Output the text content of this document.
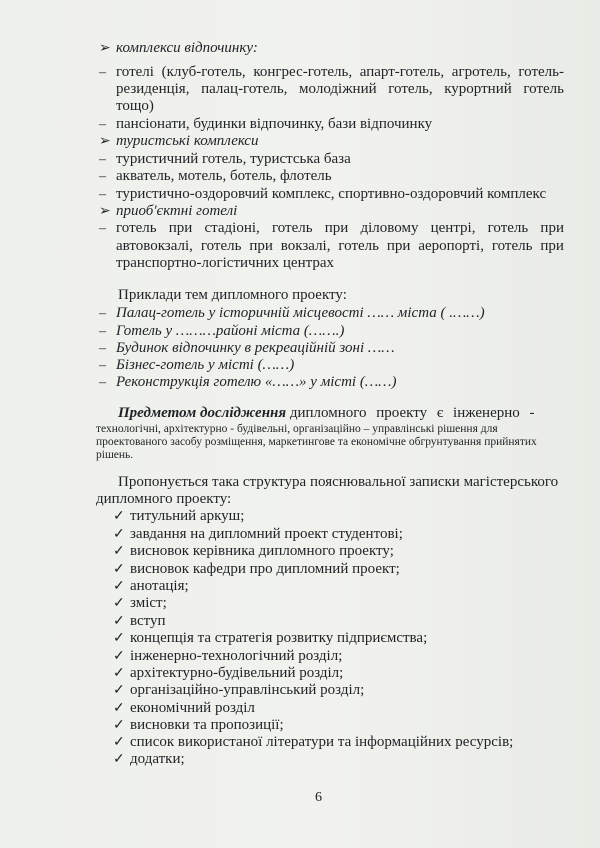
➢ комплекси відпочинку:
– готелі (клуб-готель, конгрес-готель, апарт-готель, агротель, готель-
резиденція, палац-готель, молодіжний готель, курортний готель
тощо)
– пансіонати, будинки відпочинку, бази відпочинку
➢ туристські комплекси
– туристичний готель, туристська база
– акватель, мотель, ботель, флотель
– туристично-оздоровчий комплекс, спортивно-оздоровчий комплекс
➢ приоб'єктні готелі
– готель при стадіоні, готель при діловому центрі, готель при
автовокзалі, готель при вокзалі, готель при аеропорті, готель при
транспортно-логістичних центрах
Приклади тем дипломного проекту:
– Палац-готель у історичній місцевості …… міста ( .……)
– Готель у ………районі міста (…….)
– Будинок відпочинку в рекреаційній зоні ……
– Бізнес-готель у місті (……)
– Реконструкція готелю «……» у місті (……)
Предметом дослідження дипломного проекту є інженерно -
технологічні, архітектурно - будівельні, організаційно – управлінські рішення для
проектованого засобу розміщення, маркетингове та економічне обгрунтування прийнятих
рішень.
Пропонується така структура пояснювальної записки магістерського
дипломного проекту:
✓ титульний аркуш;
✓ завдання на дипломний проект студентові;
✓ висновок керівника дипломного проекту;
✓ висновок кафедри про дипломний проект;
✓ анотація;
✓ зміст;
✓ вступ
✓ концепція та стратегія розвитку підприємства;
✓ інженерно-технологічний розділ;
✓ архітектурно-будівельний розділ;
✓ організаційно-управлінський розділ;
✓ економічний розділ
✓ висновки та пропозиції;
✓ список використаної літератури та інформаційних ресурсів;
✓ додатки;
6
